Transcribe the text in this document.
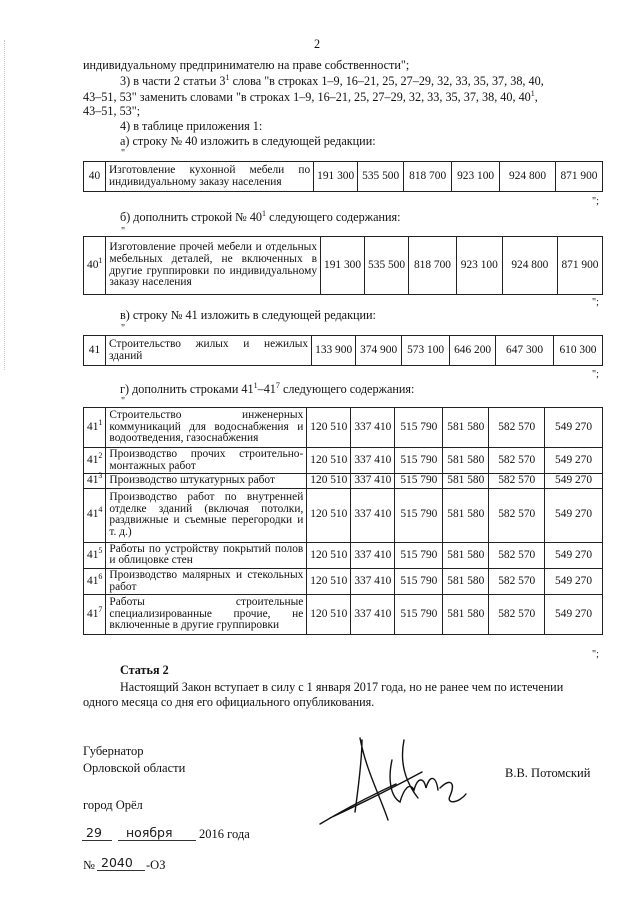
2
индивидуальному предпринимателю на праве собственности";
3) в части 2 статьи $3^1$ слова "в строках 1–9, 16–21, 25, 27–29, 32, 33, 35, 37, 38, 40,
43–51, 53" заменить словами "в строках 1–9, 16–21, 25, 27–29, 32, 33, 35, 37, 38, 40, $40^1$,
43–51, 53";
4) в таблице приложения 1:
а) строку № 40 изложить в следующей редакции:
"
40	Изготовление кухонной мебели по индивидуальному заказу населения	191 300	535 500	818 700	923 100	924 800	871 900
";
б) дополнить строкой № $40^1$ следующего содержания:
"
$40^1$	Изготовление прочей мебели и отдельных мебельных деталей, не включенных в другие группировки по индивидуальному заказу населения	191 300	535 500	818 700	923 100	924 800	871 900
";
в) строку № 41 изложить в следующей редакции:
"
41	Строительство жилых и нежилых зданий	133 900	374 900	573 100	646 200	647 300	610 300
";
г) дополнить строками $41^1-41^7$ следующего содержания:
"
$41^1$	Строительство инженерных коммуникаций для водоснабжения и водоотведения, газоснабжения	120 510	337 410	515 790	581 580	582 570	549 270
$41^2$	Производство прочих строительно-монтажных работ	120 510	337 410	515 790	581 580	582 570	549 270
$41^3$	Производство штукатурных работ	120 510	337 410	515 790	581 580	582 570	549 270
$41^4$	Производство работ по внутренней отделке зданий (включая потолки, раздвижные и съемные перегородки и т. д.)	120 510	337 410	515 790	581 580	582 570	549 270
$41^5$	Работы по устройству покрытий полов и облицовке стен	120 510	337 410	515 790	581 580	582 570	549 270
$41^6$	Производство малярных и стекольных работ	120 510	337 410	515 790	581 580	582 570	549 270
$41^7$	Работы строительные специализированные прочие, не включенные в другие группировки	120 510	337 410	515 790	581 580	582 570	549 270
";
Статья 2
Настоящий Закон вступает в силу с 1 января 2017 года, но не ранее чем по истечении
одного месяца со дня его официального опубликования.
Губернатор
Орловской области	В.В. Потомский
город Орёл
29 ноября 2016 года
№ 2040 -ОЗ
